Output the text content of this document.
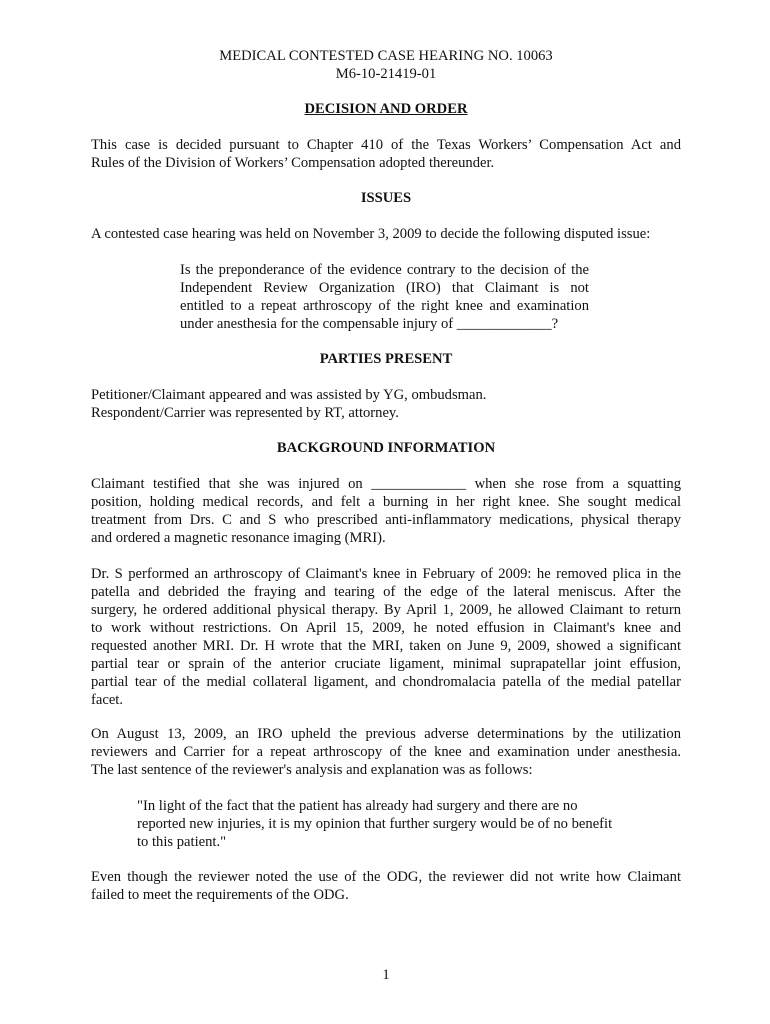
MEDICAL CONTESTED CASE HEARING NO. 10063
M6-10-21419-01
DECISION AND ORDER
This case is decided pursuant to Chapter 410 of the Texas Workers’ Compensation Act and
Rules of the Division of Workers’ Compensation adopted thereunder.
ISSUES
A contested case hearing was held on November 3, 2009 to decide the following disputed issue:
Is the preponderance of the evidence contrary to the decision of the
Independent Review Organization (IRO) that Claimant is not
entitled to a repeat arthroscopy of the right knee and examination
under anesthesia for the compensable injury of _____________?
PARTIES PRESENT
Petitioner/Claimant appeared and was assisted by YG, ombudsman.
Respondent/Carrier was represented by RT, attorney.
BACKGROUND INFORMATION
Claimant testified that she was injured on _____________ when she rose from a squatting
position, holding medical records, and felt a burning in her right knee. She sought medical
treatment from Drs. C and S who prescribed anti-inflammatory medications, physical therapy
and ordered a magnetic resonance imaging (MRI).
Dr. S performed an arthroscopy of Claimant's knee in February of 2009: he removed plica in the
patella and debrided the fraying and tearing of the edge of the lateral meniscus. After the
surgery, he ordered additional physical therapy. By April 1, 2009, he allowed Claimant to return
to work without restrictions. On April 15, 2009, he noted effusion in Claimant's knee and
requested another MRI. Dr. H wrote that the MRI, taken on June 9, 2009, showed a significant
partial tear or sprain of the anterior cruciate ligament, minimal suprapatellar joint effusion,
partial tear of the medial collateral ligament, and chondromalacia patella of the medial patellar
facet.
On August 13, 2009, an IRO upheld the previous adverse determinations by the utilization
reviewers and Carrier for a repeat arthroscopy of the knee and examination under anesthesia.
The last sentence of the reviewer's analysis and explanation was as follows:
"In light of the fact that the patient has already had surgery and there are no
reported new injuries, it is my opinion that further surgery would be of no benefit
to this patient."
Even though the reviewer noted the use of the ODG, the reviewer did not write how Claimant
failed to meet the requirements of the ODG.
1
